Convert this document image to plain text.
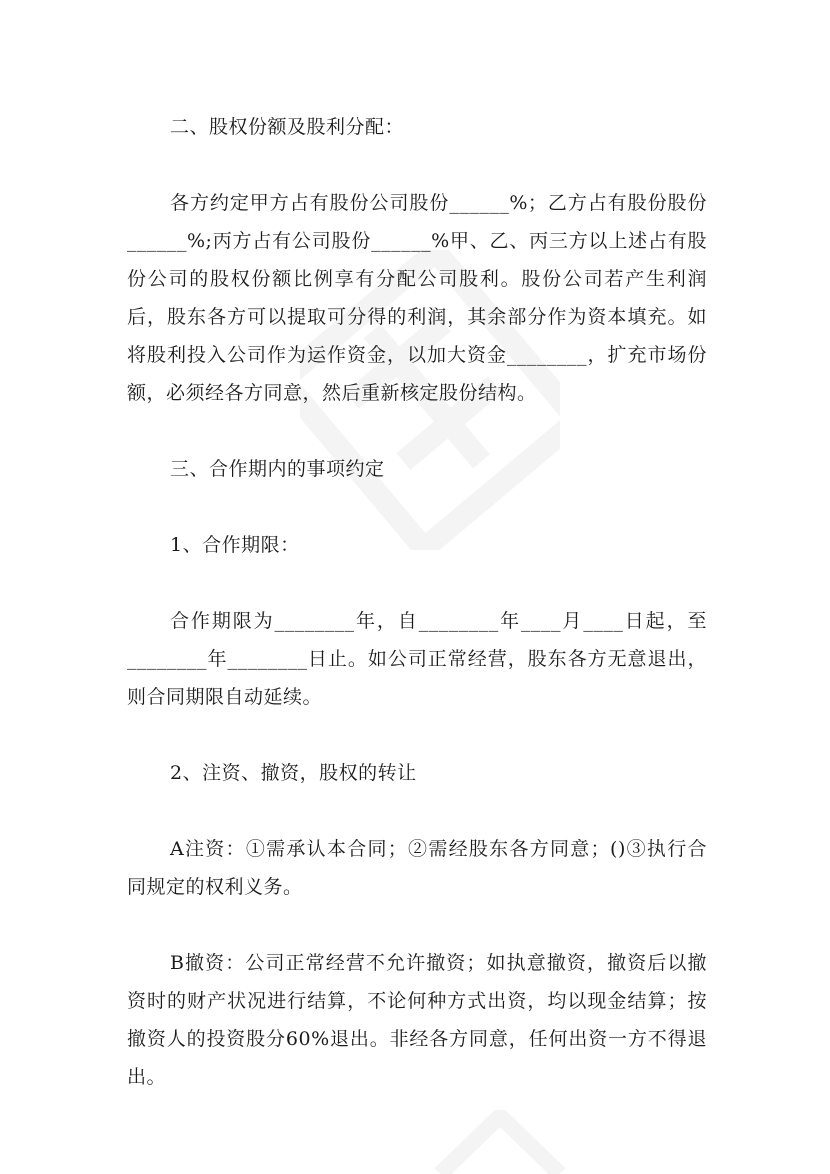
二、股权份额及股利分配：

各方约定甲方占有股份公司股份______%；乙方占有股份股份______%;丙方占有公司股份______%甲、乙、丙三方以上述占有股份公司的股权份额比例享有分配公司股利。股份公司若产生利润后，股东各方可以提取可分得的利润，其余部分作为资本填充。如将股利投入公司作为运作资金，以加大资金________，扩充市场份额，必须经各方同意，然后重新核定股份结构。

三、合作期内的事项约定

1、合作期限：

合作期限为________年，自________年____月____日起，至________年________日止。如公司正常经营，股东各方无意退出，则合同期限自动延续。

2、注资、撤资，股权的转让

A注资：①需承认本合同；②需经股东各方同意；()③执行合同规定的权利义务。

B撤资：公司正常经营不允许撤资；如执意撤资，撤资后以撤资时的财产状况进行结算，不论何种方式出资，均以现金结算；按撤资人的投资股分60%退出。非经各方同意，任何出资一方不得退出。
